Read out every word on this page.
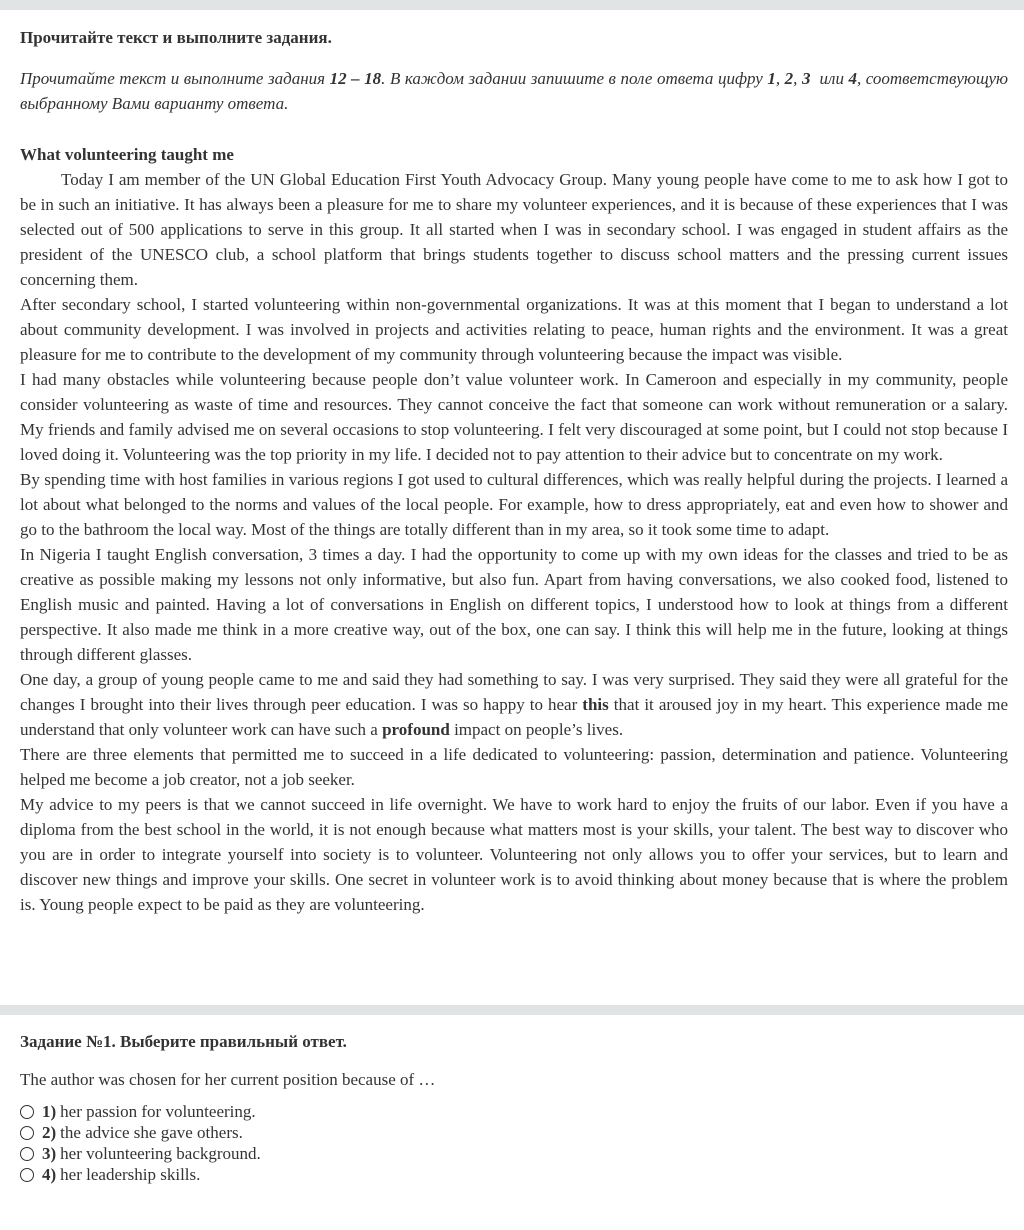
Прочитайте текст и выполните задания.
Прочитайте текст и выполните задания 12 – 18. В каждом задании запишите в поле ответа цифру 1, 2, 3  или 4, соответствующую выбранному Вами варианту ответа.
What volunteering taught me

Today I am member of the UN Global Education First Youth Advocacy Group. Many young people have come to me to ask how I got to be in such an initiative. It has always been a pleasure for me to share my volunteer experiences, and it is because of these experiences that I was selected out of 500 applications to serve in this group. It all started when I was in secondary school. I was engaged in student affairs as the president of the UNESCO club, a school platform that brings students together to discuss school matters and the pressing current issues concerning them.

After secondary school, I started volunteering within non-governmental organizations. It was at this moment that I began to understand a lot about community development. I was involved in projects and activities relating to peace, human rights and the environment. It was a great pleasure for me to contribute to the development of my community through volunteering because the impact was visible.

I had many obstacles while volunteering because people don’t value volunteer work. In Cameroon and especially in my community, people consider volunteering as waste of time and resources. They cannot conceive the fact that someone can work without remuneration or a salary. My friends and family advised me on several occasions to stop volunteering. I felt very discouraged at some point, but I could not stop because I loved doing it. Volunteering was the top priority in my life. I decided not to pay attention to their advice but to concentrate on my work.

By spending time with host families in various regions I got used to cultural differences, which was really helpful during the projects. I learned a lot about what belonged to the norms and values of the local people. For example, how to dress appropriately, eat and even how to shower and go to the bathroom the local way. Most of the things are totally different than in my area, so it took some time to adapt.

In Nigeria I taught English conversation, 3 times a day. I had the opportunity to come up with my own ideas for the classes and tried to be as creative as possible making my lessons not only informative, but also fun. Apart from having conversations, we also cooked food, listened to English music and painted. Having a lot of conversations in English on different topics, I understood how to look at things from a different perspective. It also made me think in a more creative way, out of the box, one can say. I think this will help me in the future, looking at things through different glasses.

One day, a group of young people came to me and said they had something to say. I was very surprised. They said they were all grateful for the changes I brought into their lives through peer education. I was so happy to hear this that it aroused joy in my heart. This experience made me understand that only volunteer work can have such a profound impact on people’s lives.

There are three elements that permitted me to succeed in a life dedicated to volunteering: passion, determination and patience. Volunteering helped me become a job creator, not a job seeker.

My advice to my peers is that we cannot succeed in life overnight. We have to work hard to enjoy the fruits of our labor. Even if you have a diploma from the best school in the world, it is not enough because what matters most is your skills, your talent. The best way to discover who you are in order to integrate yourself into society is to volunteer. Volunteering not only allows you to offer your services, but to learn and discover new things and improve your skills. One secret in volunteer work is to avoid thinking about money because that is where the problem is. Young people expect to be paid as they are volunteering.

Задание №1. Выберите правильный ответ.
The author was chosen for her current position because of …
1) her passion for volunteering.
2) the advice she gave others.
3) her volunteering background.
4) her leadership skills.
